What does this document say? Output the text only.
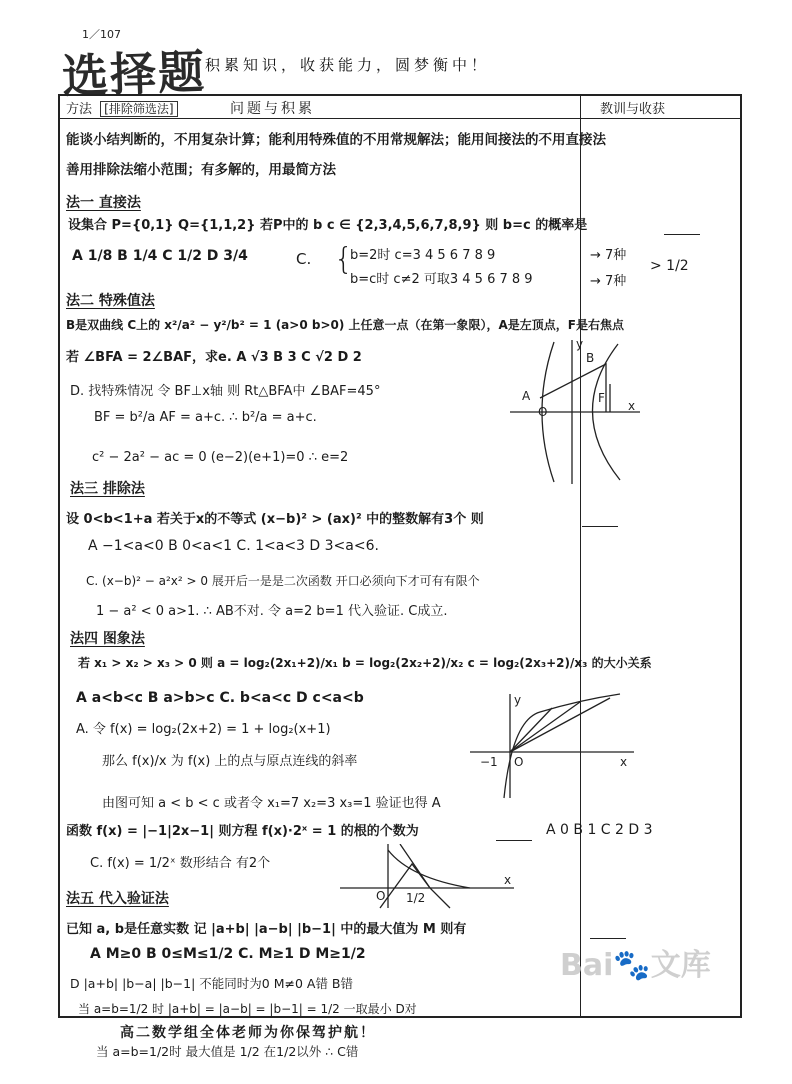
1／107
选择题
积累知识，收获能力，圆梦衡中！
方法 [排除筛选法]	问题与积累	教训与收获
能谈小结判断的，不用复杂计算；能利用特殊值的不用常规解法；能用间接法的不用直接法
善用排除法缩小范围；有多解的，用最简方法
法一 直接法
设集合 P={0,1} Q={1,1,2} 若P中的 b c ∈ {2,3,4,5,6,7,8,9} 则 b=c 的概率是
A 1/8 B 1/4 C 1/2 D 3/4	C. {
b=2时 c=3 4 5 6 7 8 9
b=c时 c≠2 可取3 4 5 6 7 8 9
→ 7种
→ 7种
> 1/2
法二 特殊值法
B是双曲线 C上的 x²/a² − y²/b² = 1 (a>0 b>0) 上任意一点（在第一象限），A是左顶点，F是右焦点
若 ∠BFA = 2∠BAF，求e. A √3 B 3 C √2 D 2
D. 找特殊情况 令 BF⊥x轴 则 Rt△BFA中 ∠BAF=45°
BF = b²/a AF = a+c. ∴ b²/a = a+c.
c² − 2a² − ac = 0 (e−2)(e+1)=0 ∴ e=2
A
O
B
F
x
y
法三 排除法
设 0<b<1+a 若关于x的不等式 (x−b)² > (ax)² 中的整数解有3个 则
A −1<a<0 B 0<a<1 C. 1<a<3 D 3<a<6.
C. (x−b)² − a²x² > 0 展开后一是是二次函数 开口必须向下才可有有限个
1 − a² < 0 a>1. ∴ AB不对. 令 a=2 b=1 代入验证. C成立.
法四 图象法
若 x₁ > x₂ > x₃ > 0 则 a = log₂(2x₁+2)/x₁ b = log₂(2x₂+2)/x₂ c = log₂(2x₃+2)/x₃ 的大小关系
A a<b<c B a>b>c C. b<a<c D c<a<b
A. 令 f(x) = log₂(2x+2) = 1 + log₂(x+1)
那么 f(x)/x 为 f(x) 上的点与原点连线的斜率
由图可知 a < b < c 或者令 x₁=7 x₂=3 x₃=1 验证也得 A
x
y
−1 O
函数 f(x) = |−1|2x−1| 则方程 f(x)·2ˣ = 1 的根的个数为	A 0 B 1 C 2 D 3
C. f(x) = 1/2ˣ 数形结合 有2个
x
O 1/2
法五 代入验证法
已知 a, b是任意实数 记 |a+b| |a−b| |b−1| 中的最大值为 M 则有
A M≥0 B 0≤M≤1/2 C. M≥1 D M≥1/2
D |a+b| |b−a| |b−1| 不能同时为0 M≠0 A错 B错
当 a=b=1/2 时 |a+b| = |a−b| = |b−1| = 1/2 一取最小 D对
当 a=b=1/2时 最大值是 1/2 在1/2以外 ∴ C错
Bai🐾文库
高二数学组全体老师为你保驾护航！
